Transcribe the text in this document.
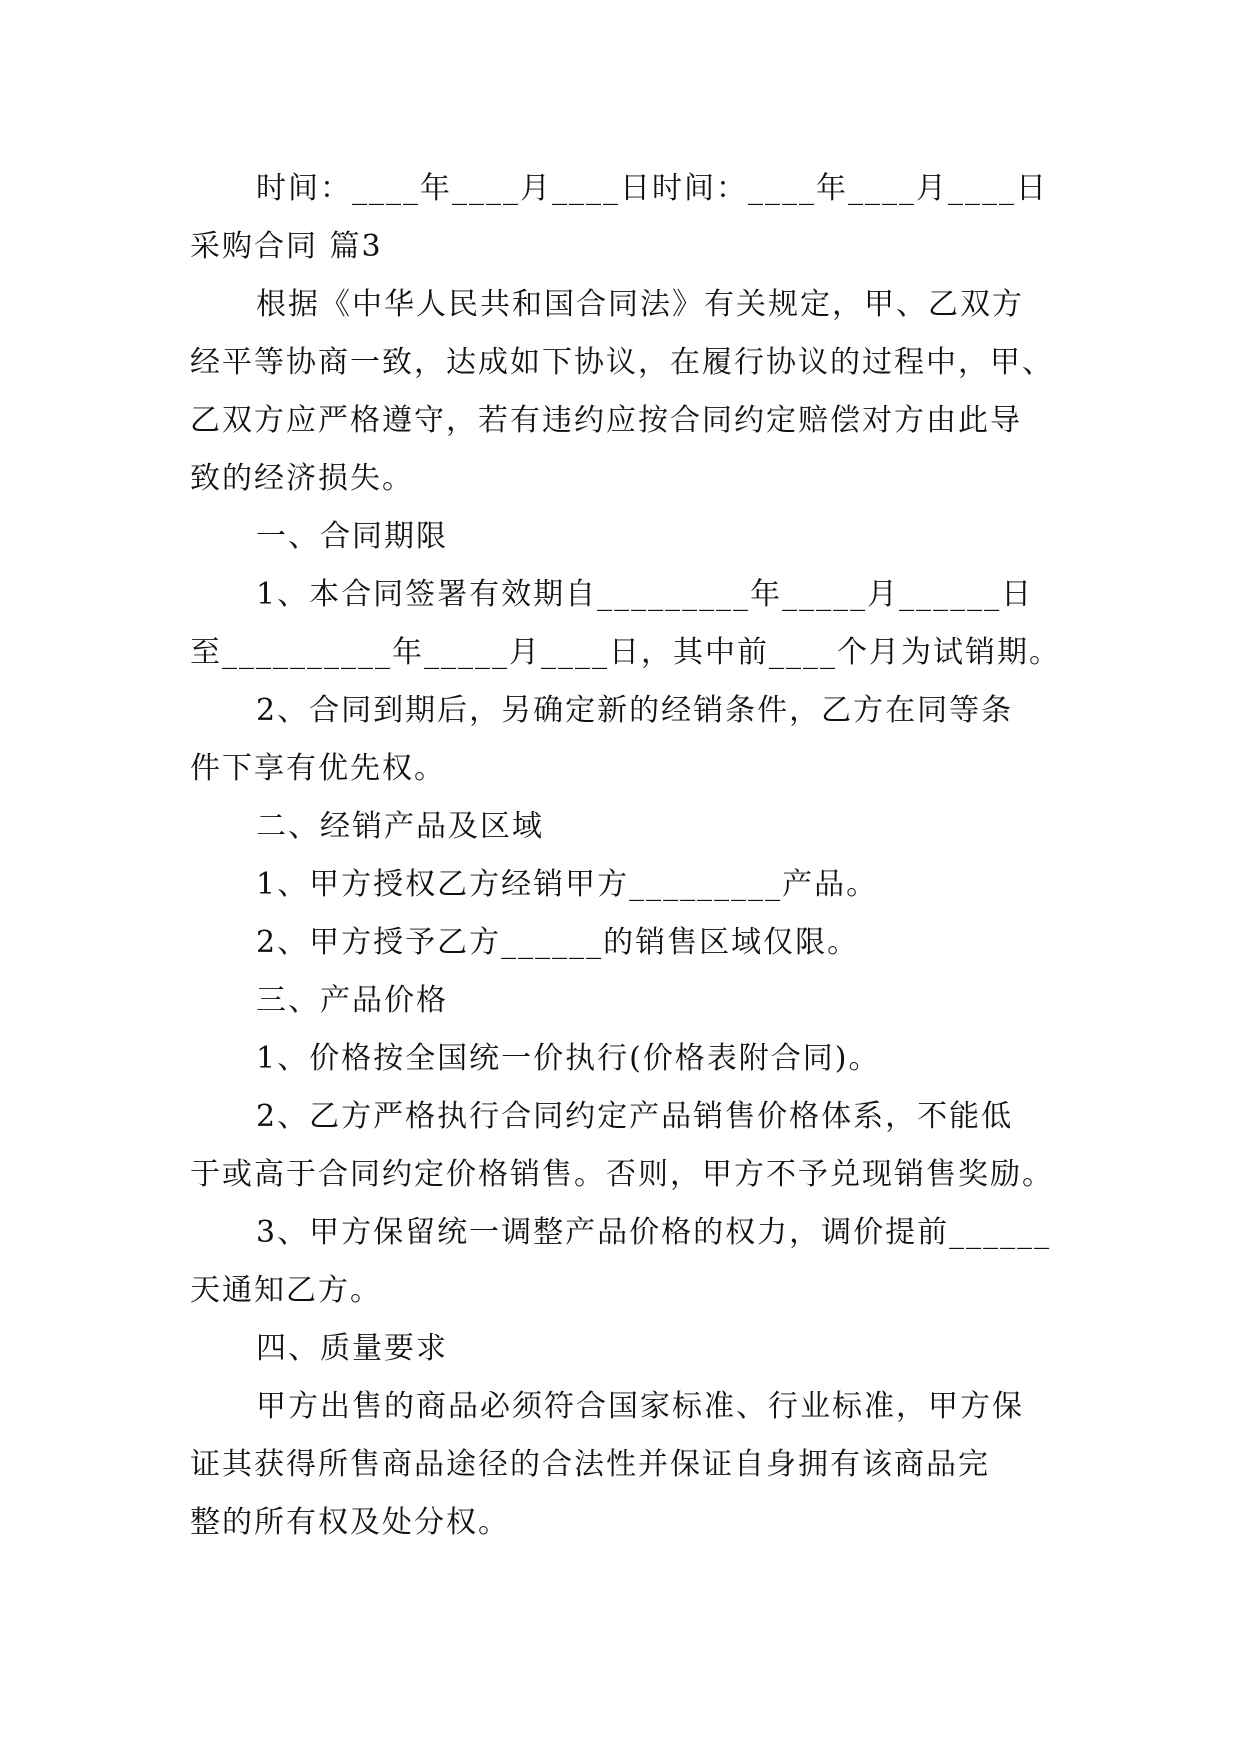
时间：____年____月____日时间：____年____月____日
采购合同 篇3
根据《中华人民共和国合同法》有关规定，甲、乙双方
经平等协商一致，达成如下协议，在履行协议的过程中，甲、
乙双方应严格遵守，若有违约应按合同约定赔偿对方由此导
致的经济损失。
一、合同期限
1、本合同签署有效期自_________年_____月______日
至__________年_____月____日，其中前____个月为试销期。
2、合同到期后，另确定新的经销条件，乙方在同等条
件下享有优先权。
二、经销产品及区域
1、甲方授权乙方经销甲方_________产品。
2、甲方授予乙方______的销售区域仅限。
三、产品价格
1、价格按全国统一价执行(价格表附合同)。
2、乙方严格执行合同约定产品销售价格体系，不能低
于或高于合同约定价格销售。否则，甲方不予兑现销售奖励。
3、甲方保留统一调整产品价格的权力，调价提前______
天通知乙方。
四、质量要求
甲方出售的商品必须符合国家标准、行业标准，甲方保
证其获得所售商品途径的合法性并保证自身拥有该商品完
整的所有权及处分权。
